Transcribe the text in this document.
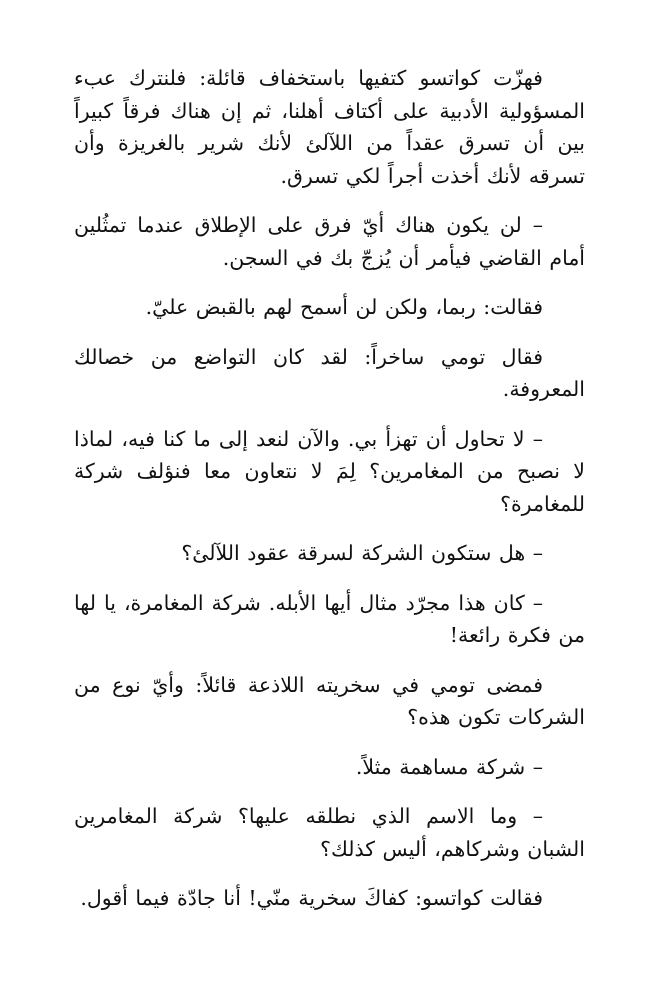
فهزّت كواتسو كتفيها باستخفاف قائلة: فلنترك عبء المسؤولية الأدبية على أكتاف أهلنا، ثم إن هناك فرقاً كبيراً بين أن تسرق عقداً من اللآلئ لأنك شرير بالغريزة وأن تسرقه لأنك أخذت أجراً لكي تسرق.

– لن يكون هناك أيّ فرق على الإطلاق عندما تمثُلين أمام القاضي فيأمر أن يُزجّ بك في السجن.

فقالت: ربما، ولكن لن أسمح لهم بالقبض عليّ.

فقال تومي ساخراً: لقد كان التواضع من خصالك المعروفة.

– لا تحاول أن تهزأ بي. والآن لنعد إلى ما كنا فيه، لماذا لا نصبح من المغامرين؟ لِمَ لا نتعاون معا فنؤلف شركة للمغامرة؟

– هل ستكون الشركة لسرقة عقود اللآلئ؟

– كان هذا مجرّد مثال أيها الأبله. شركة المغامرة، يا لها من فكرة رائعة!

فمضى تومي في سخريته اللاذعة قائلاً: وأيّ نوع من الشركات تكون هذه؟

– شركة مساهمة مثلاً.

– وما الاسم الذي نطلقه عليها؟ شركة المغامرين الشبان وشركاهم، أليس كذلك؟

فقالت كواتسو: كفاكَ سخرية منّي! أنا جادّة فيما أقول.
